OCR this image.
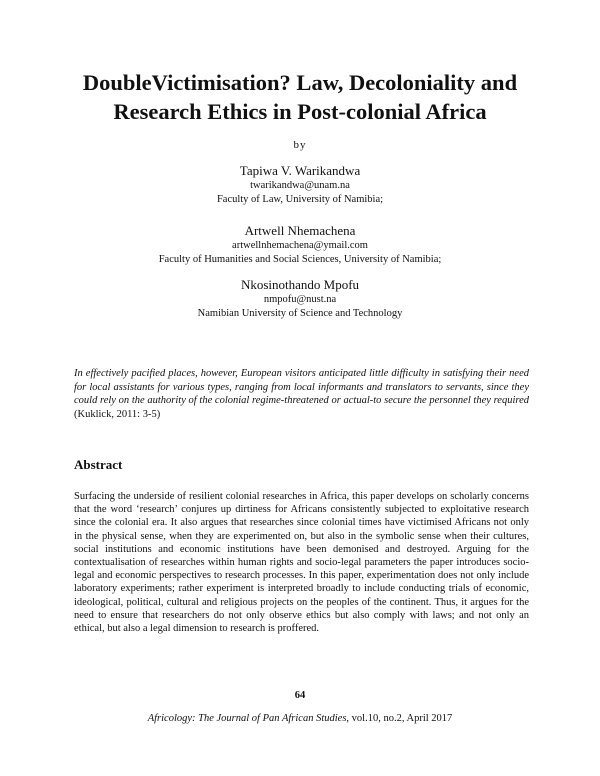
DoubleVictimisation? Law, Decoloniality and
Research Ethics in Post-colonial Africa
by
Tapiwa V. Warikandwa
twarikandwa@unam.na
Faculty of Law, University of Namibia;
Artwell Nhemachena
artwellnhemachena@ymail.com
Faculty of Humanities and Social Sciences, University of Namibia;
Nkosinothando Mpofu
nmpofu@nust.na
Namibian University of Science and Technology
In effectively pacified places, however, European visitors anticipated little difficulty in satisfying their need for local assistants for various types, ranging from local informants and translators to servants, since they could rely on the authority of the colonial regime-threatened or actual-to secure the personnel they required (Kuklick, 2011: 3-5)
Abstract
Surfacing the underside of resilient colonial researches in Africa, this paper develops on scholarly concerns that the word ‘research’ conjures up dirtiness for Africans consistently subjected to exploitative research since the colonial era. It also argues that researches since colonial times have victimised Africans not only in the physical sense, when they are experimented on, but also in the symbolic sense when their cultures, social institutions and economic institutions have been demonised and destroyed. Arguing for the contextualisation of researches within human rights and socio-legal parameters the paper introduces socio-legal and economic perspectives to research processes. In this paper, experimentation does not only include laboratory experiments; rather experiment is interpreted broadly to include conducting trials of economic, ideological, political, cultural and religious projects on the peoples of the continent. Thus, it argues for the need to ensure that researchers do not only observe ethics but also comply with laws; and not only an ethical, but also a legal dimension to research is proffered.
64
Africology: The Journal of Pan African Studies, vol.10, no.2, April 2017
